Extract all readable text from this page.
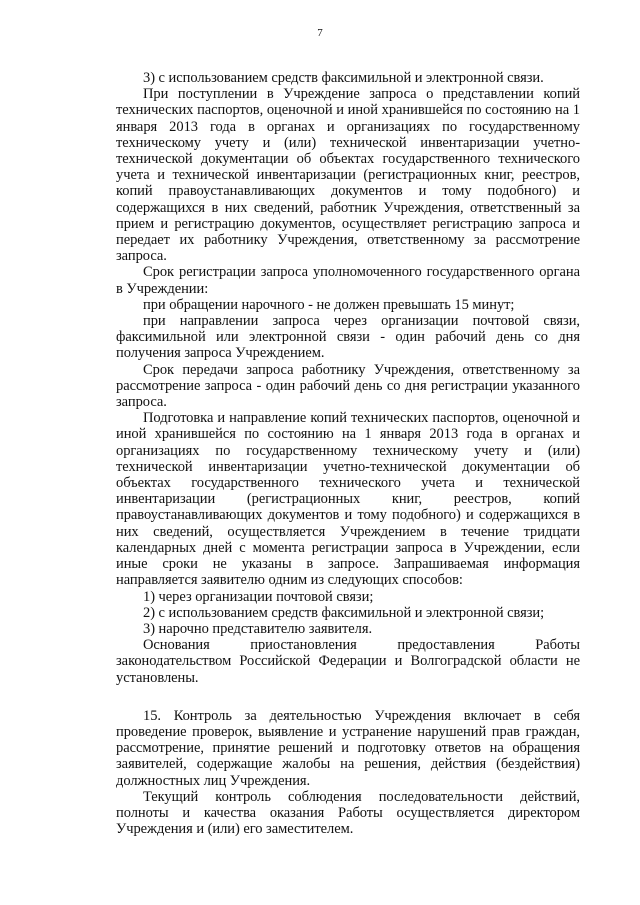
7

3) с использованием средств факсимильной и электронной связи.

При поступлении в Учреждение запроса о представлении копий технических паспортов, оценочной и иной хранившейся по состоянию на 1 января 2013 года в органах и организациях по государственному техническому учету и (или) технической инвентаризации учетно-технической документации об объектах государственного технического учета и технической инвентаризации (регистрационных книг, реестров, копий правоустанавливающих документов и тому подобного) и содержащихся в них сведений, работник Учреждения, ответственный за прием и регистрацию документов, осуществляет регистрацию запроса и передает их работнику Учреждения, ответственному за рассмотрение запроса.

Срок регистрации запроса уполномоченного государственного органа в Учреждении:

при обращении нарочного - не должен превышать 15 минут;

при направлении запроса через организации почтовой связи, факсимильной или электронной связи - один рабочий день со дня получения запроса Учреждением.

Срок передачи запроса работнику Учреждения, ответственному за рассмотрение запроса - один рабочий день со дня регистрации указанного запроса.

Подготовка и направление копий технических паспортов, оценочной и иной хранившейся по состоянию на 1 января 2013 года в органах и организациях по государственному техническому учету и (или) технической инвентаризации учетно-технической документации об объектах государственного технического учета и технической инвентаризации (регистрационных книг, реестров, копий правоустанавливающих документов и тому подобного) и содержащихся в них сведений, осуществляется Учреждением в течение тридцати календарных дней с момента регистрации запроса в Учреждении, если иные сроки не указаны в запросе. Запрашиваемая информация направляется заявителю одним из следующих способов:

1) через организации почтовой связи;

2) с использованием средств факсимильной и электронной связи;

3) нарочно представителю заявителя.

Основания приостановления предоставления Работы законодательством Российской Федерации и Волгоградской области не установлены.

15. Контроль за деятельностью Учреждения включает в себя проведение проверок, выявление и устранение нарушений прав граждан, рассмотрение, принятие решений и подготовку ответов на обращения заявителей, содержащие жалобы на решения, действия (бездействия) должностных лиц Учреждения.

Текущий контроль соблюдения последовательности действий, полноты и качества оказания Работы осуществляется директором Учреждения и (или) его заместителем.
